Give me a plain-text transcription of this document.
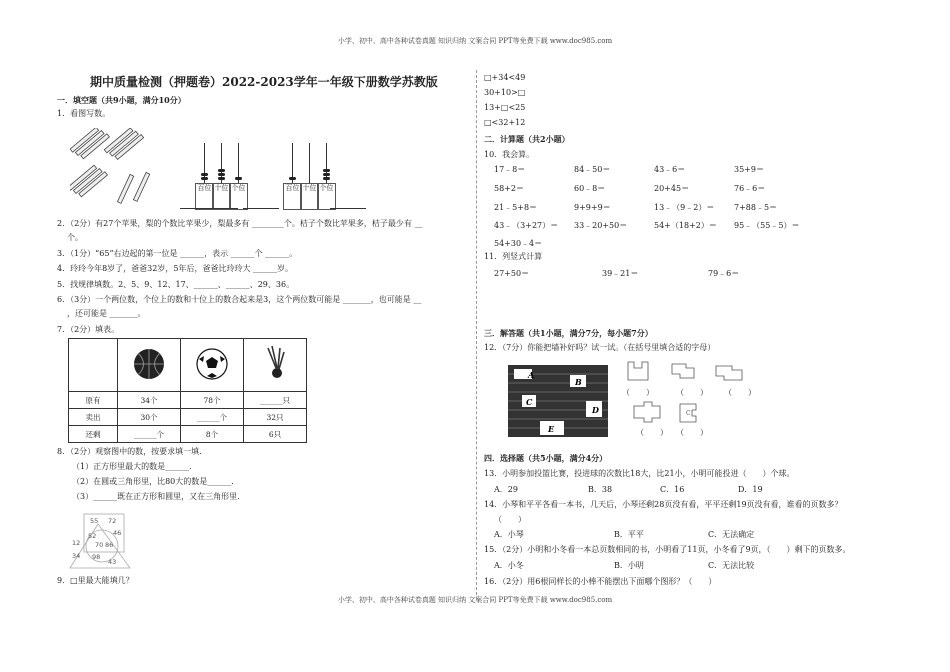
小学、初中、高中各种试卷真题 知识归纳 文案合同 PPT等免费下载 www.doc985.com
小学、初中、高中各种试卷真题 知识归纳 文案合同 PPT等免费下载 www.doc985.com
期中质量检测（押题卷）2022-2023学年一年级下册数学苏教版
一．填空题（共9小题，满分10分）
1．看图写数。
百位 十位 个位	百位 十位 个位
2．（2分）有27个苹果，梨的个数比苹果少，梨最多有 ________个。桔子个数比苹果多，桔子最少有 __
个。
3．（1分）“65”右边起的第一位是 ______，表示 ______个 ______。
4．玲玲今年8岁了，爸爸32岁，5年后，爸爸比玲玲大 ______岁。
5．找规律填数。2、5、9、12、17、______、______、29、36。
6．（3分）一个两位数，个位上的数和十位上的数合起来是3，这个两位数可能是 _______，也可能是 __
，还可能是 _______。
7．（2分）填表。

原有	34个	78个	______只
卖出	30个	______个	32只
还剩	______个	8个	6只
8．（2分）观察图中的数，按要求填一填．
（1）正方形里最大的数是______．
（2）在圆或三角形里，比80大的数是______．
（3）______既在正方形和圆里，又在三角形里．
55 72
46
52
70 86
12
34 98
43
9．□里最大能填几？
□+34<49
30+10>□
13+□<25
□<32+12
二．计算题（共2小题）
10．我会算。
17﹣8＝	84﹣50＝	43﹣6＝	35+9＝
58+2＝	60﹣8＝	20+45＝	76﹣6＝
21﹣5+8＝	9+9+9＝	13﹣（9﹣2）＝ 7+88﹣5＝
43﹣（3+27）＝ 33﹣20+50＝	54+（18+2）＝ 95﹣（55﹣5）＝
54+30﹣4＝
11．列竖式计算
27+50＝	39﹣21＝	79﹣6＝
三．解答题（共1小题，满分7分，每小题7分）
12．（7分）你能把墙补好吗？试一试。（在括号里填合适的字母）
A
B
C
D
E
C
（　　）	（　　） （　　）
（　　） （　　）
四．选择题（共5小题，满分4分）
13．小明参加投篮比赛，投进球的次数比18大，比21小，小明可能投进（　　）个球。
A．29	B．38	C．16	D．19
14．小琴和平平各看一本书，几天后，小琴还剩28页没有看，平平还剩19页没有看，谁看的页数多？
（　　）
A．小琴	B．平平	C．无法确定
15．（2分）小明和小冬看一本总页数相同的书，小明看了11页，小冬看了9页，（　　）剩下的页数多。
A．小冬	B．小明	C．无法比较
16．（2分）用6根同样长的小棒不能摆出下面哪个图形？（　　）
